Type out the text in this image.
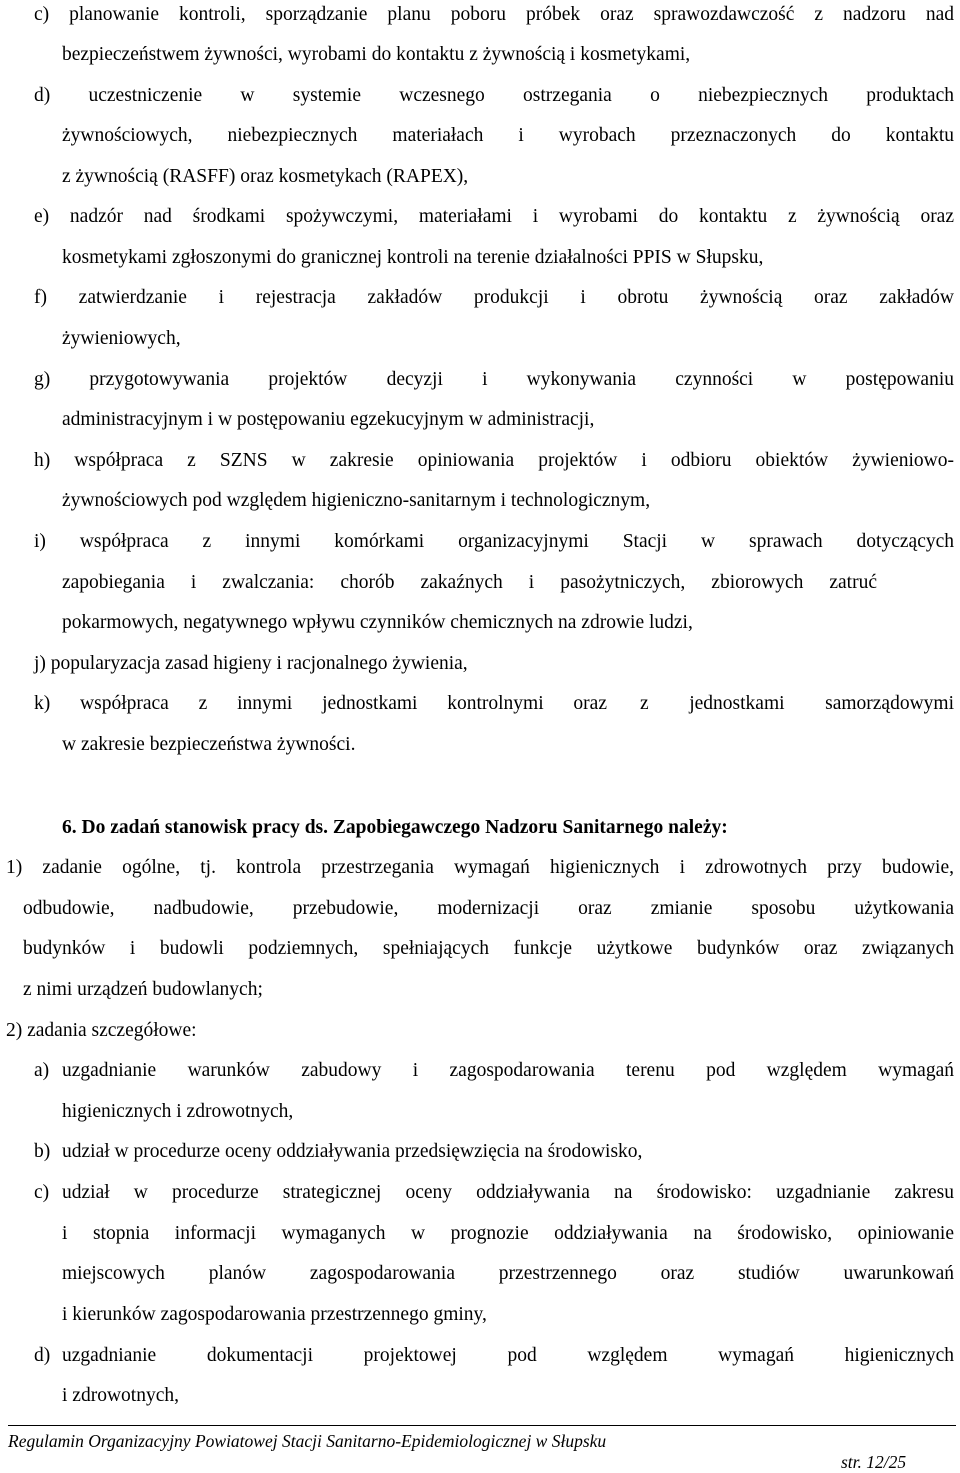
c) planowanie kontroli, sporządzanie planu poboru próbek oraz sprawozdawczość z nadzoru nad
bezpieczeństwem żywności, wyrobami do kontaktu z żywnością i kosmetykami,
d) uczestniczenie w systemie wczesnego ostrzegania o niebezpiecznych produktach
żywnościowych, niebezpiecznych materiałach i wyrobach przeznaczonych do kontaktu
z żywnością (RASFF) oraz kosmetykach (RAPEX),
e) nadzór nad środkami spożywczymi, materiałami i wyrobami do kontaktu z żywnością oraz
kosmetykami zgłoszonymi do granicznej kontroli na terenie działalności PPIS w Słupsku,
f) zatwierdzanie i rejestracja zakładów produkcji i obrotu żywnością oraz zakładów
żywieniowych,
g) przygotowywania projektów decyzji i wykonywania czynności w postępowaniu
administracyjnym i w postępowaniu egzekucyjnym w administracji,
h) współpraca z SZNS w zakresie opiniowania projektów i odbioru obiektów żywieniowo-
żywnościowych pod względem higieniczno-sanitarnym i technologicznym,
i) współpraca z innymi komórkami organizacyjnymi Stacji w sprawach dotyczących
zapobiegania i zwalczania: chorób zakaźnych i pasożytniczych, zbiorowych zatruć
pokarmowych, negatywnego wpływu czynników chemicznych na zdrowie ludzi,
j) popularyzacja zasad higieny i racjonalnego żywienia,
k) współpraca z innymi jednostkami kontrolnymi oraz z jednostkami samorządowymi
w zakresie bezpieczeństwa żywności.
6. Do zadań stanowisk pracy ds. Zapobiegawczego Nadzoru Sanitarnego należy:
1) zadanie ogólne, tj. kontrola przestrzegania wymagań higienicznych i zdrowotnych przy budowie,
odbudowie, nadbudowie, przebudowie, modernizacji oraz zmianie sposobu użytkowania
budynków i budowli podziemnych, spełniających funkcje użytkowe budynków oraz związanych
z nimi urządzeń budowlanych;
2) zadania szczegółowe:
a) uzgadnianie warunków zabudowy i zagospodarowania terenu pod względem wymagań
higienicznych i zdrowotnych,
b) udział w procedurze oceny oddziaływania przedsięwzięcia na środowisko,
c) udział w procedurze strategicznej oceny oddziaływania na środowisko: uzgadnianie zakresu
i stopnia informacji wymaganych w prognozie oddziaływania na środowisko, opiniowanie
miejscowych planów zagospodarowania przestrzennego oraz studiów uwarunkowań
i kierunków zagospodarowania przestrzennego gminy,
d) uzgadnianie dokumentacji projektowej pod względem wymagań higienicznych
i zdrowotnych,
Regulamin Organizacyjny Powiatowej Stacji Sanitarno-Epidemiologicznej w Słupsku
str. 12/25
